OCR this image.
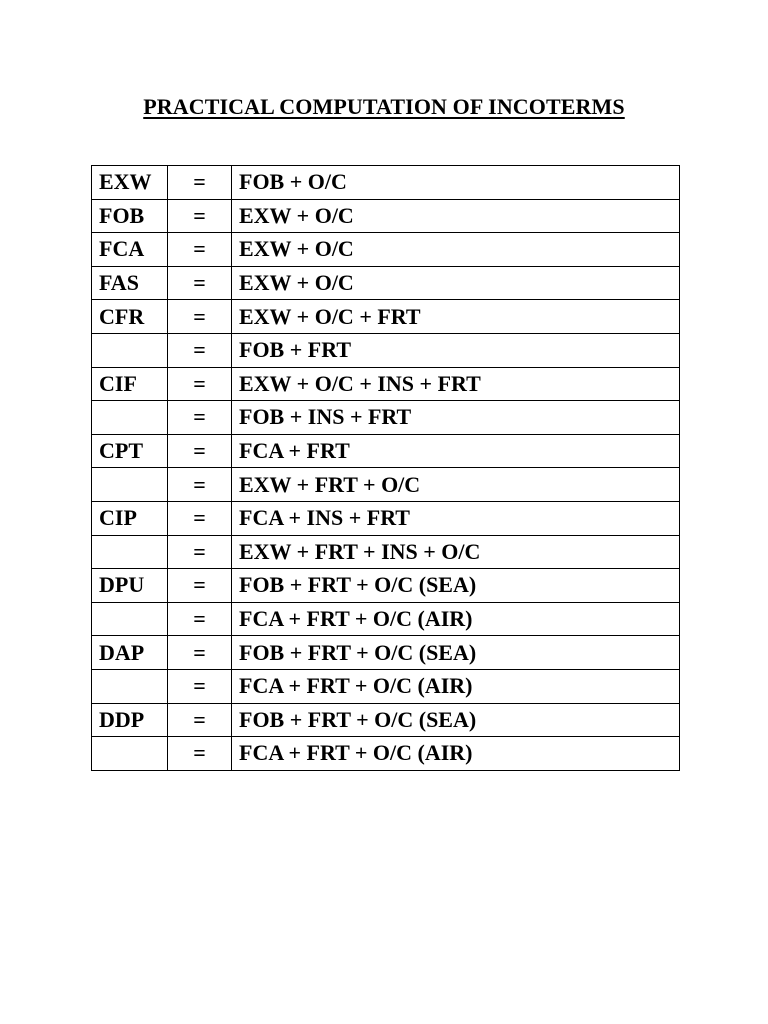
PRACTICAL COMPUTATION OF INCOTERMS
EXW	=	FOB + O/C
FOB	=	EXW + O/C
FCA	=	EXW + O/C
FAS	=	EXW + O/C
CFR	=	EXW + O/C + FRT
	=	FOB + FRT
CIF	=	EXW + O/C + INS + FRT
	=	FOB + INS + FRT
CPT	=	FCA + FRT
	=	EXW + FRT + O/C
CIP	=	FCA + INS + FRT
	=	EXW + FRT + INS + O/C
DPU	=	FOB + FRT + O/C (SEA)
	=	FCA + FRT + O/C (AIR)
DAP	=	FOB + FRT + O/C (SEA)
	=	FCA + FRT + O/C (AIR)
DDP	=	FOB + FRT + O/C (SEA)
	=	FCA + FRT + O/C (AIR)
